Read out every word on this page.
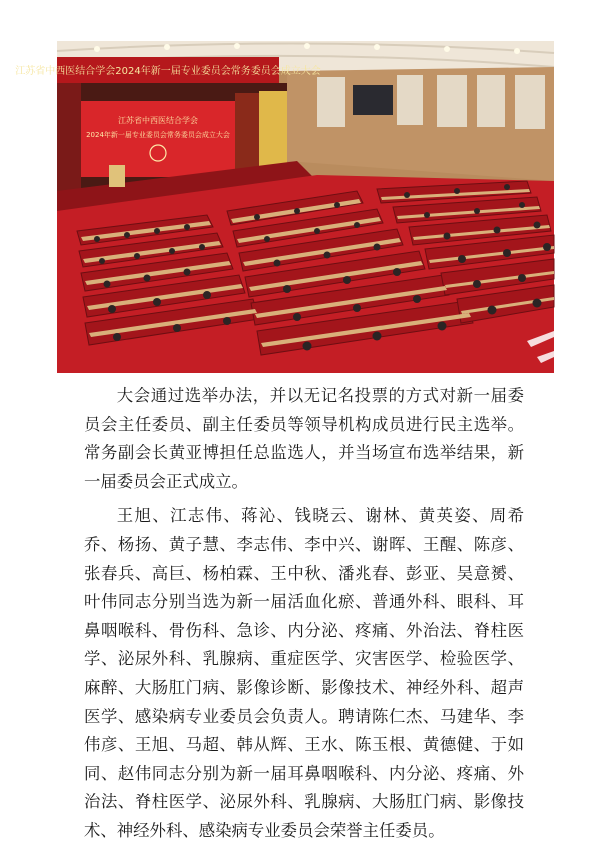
江苏省中西医结合学会2024年新一届专业委员会常务委员会成立大会
江苏省中西医结合学会
2024年新一届专业委员会常务委员会成立大会

大会通过选举办法，并以无记名投票的方式对新一届委员会主任委员、副主任委员等领导机构成员进行民主选举。常务副会长黄亚博担任总监选人，并当场宣布选举结果，新一届委员会正式成立。

王旭、江志伟、蒋沁、钱晓云、谢林、黄英姿、周希乔、杨扬、黄子慧、李志伟、李中兴、谢晖、王醒、陈彦、张春兵、高巨、杨柏霖、王中秋、潘兆春、彭亚、吴意赟、叶伟同志分别当选为新一届活血化瘀、普通外科、眼科、耳鼻咽喉科、骨伤科、急诊、内分泌、疼痛、外治法、脊柱医学、泌尿外科、乳腺病、重症医学、灾害医学、检验医学、麻醉、大肠肛门病、影像诊断、影像技术、神经外科、超声医学、感染病专业委员会负责人。聘请陈仁杰、马建华、李伟彦、王旭、马超、韩从辉、王水、陈玉根、黄德健、于如同、赵伟同志分别为新一届耳鼻咽喉科、内分泌、疼痛、外治法、脊柱医学、泌尿外科、乳腺病、大肠肛门病、影像技术、神经外科、感染病专业委员会荣誉主任委员。
